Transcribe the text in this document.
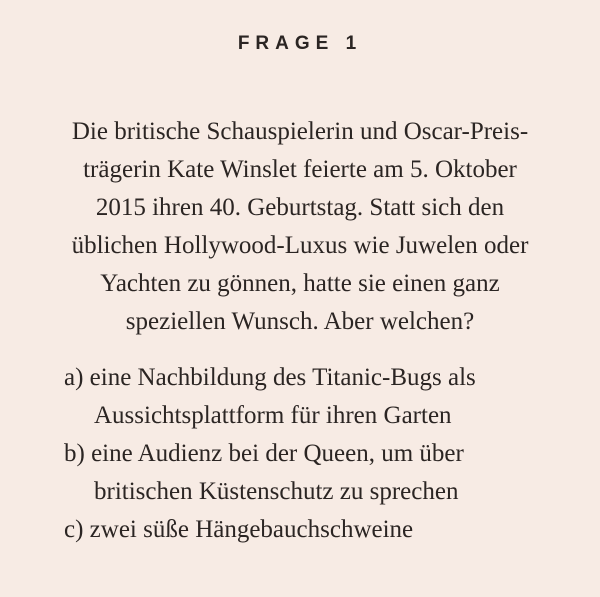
FRAGE 1
Die britische Schauspielerin und Oscar-Preis-
trägerin Kate Winslet feierte am 5. Oktober
2015 ihren 40. Geburtstag. Statt sich den
üblichen Hollywood-Luxus wie Juwelen oder
Yachten zu gönnen, hatte sie einen ganz
speziellen Wunsch. Aber welchen?
a) eine Nachbildung des Titanic-Bugs als
Aussichtsplattform für ihren Garten
b) eine Audienz bei der Queen, um über
britischen Küstenschutz zu sprechen
c) zwei süße Hängebauchschweine
